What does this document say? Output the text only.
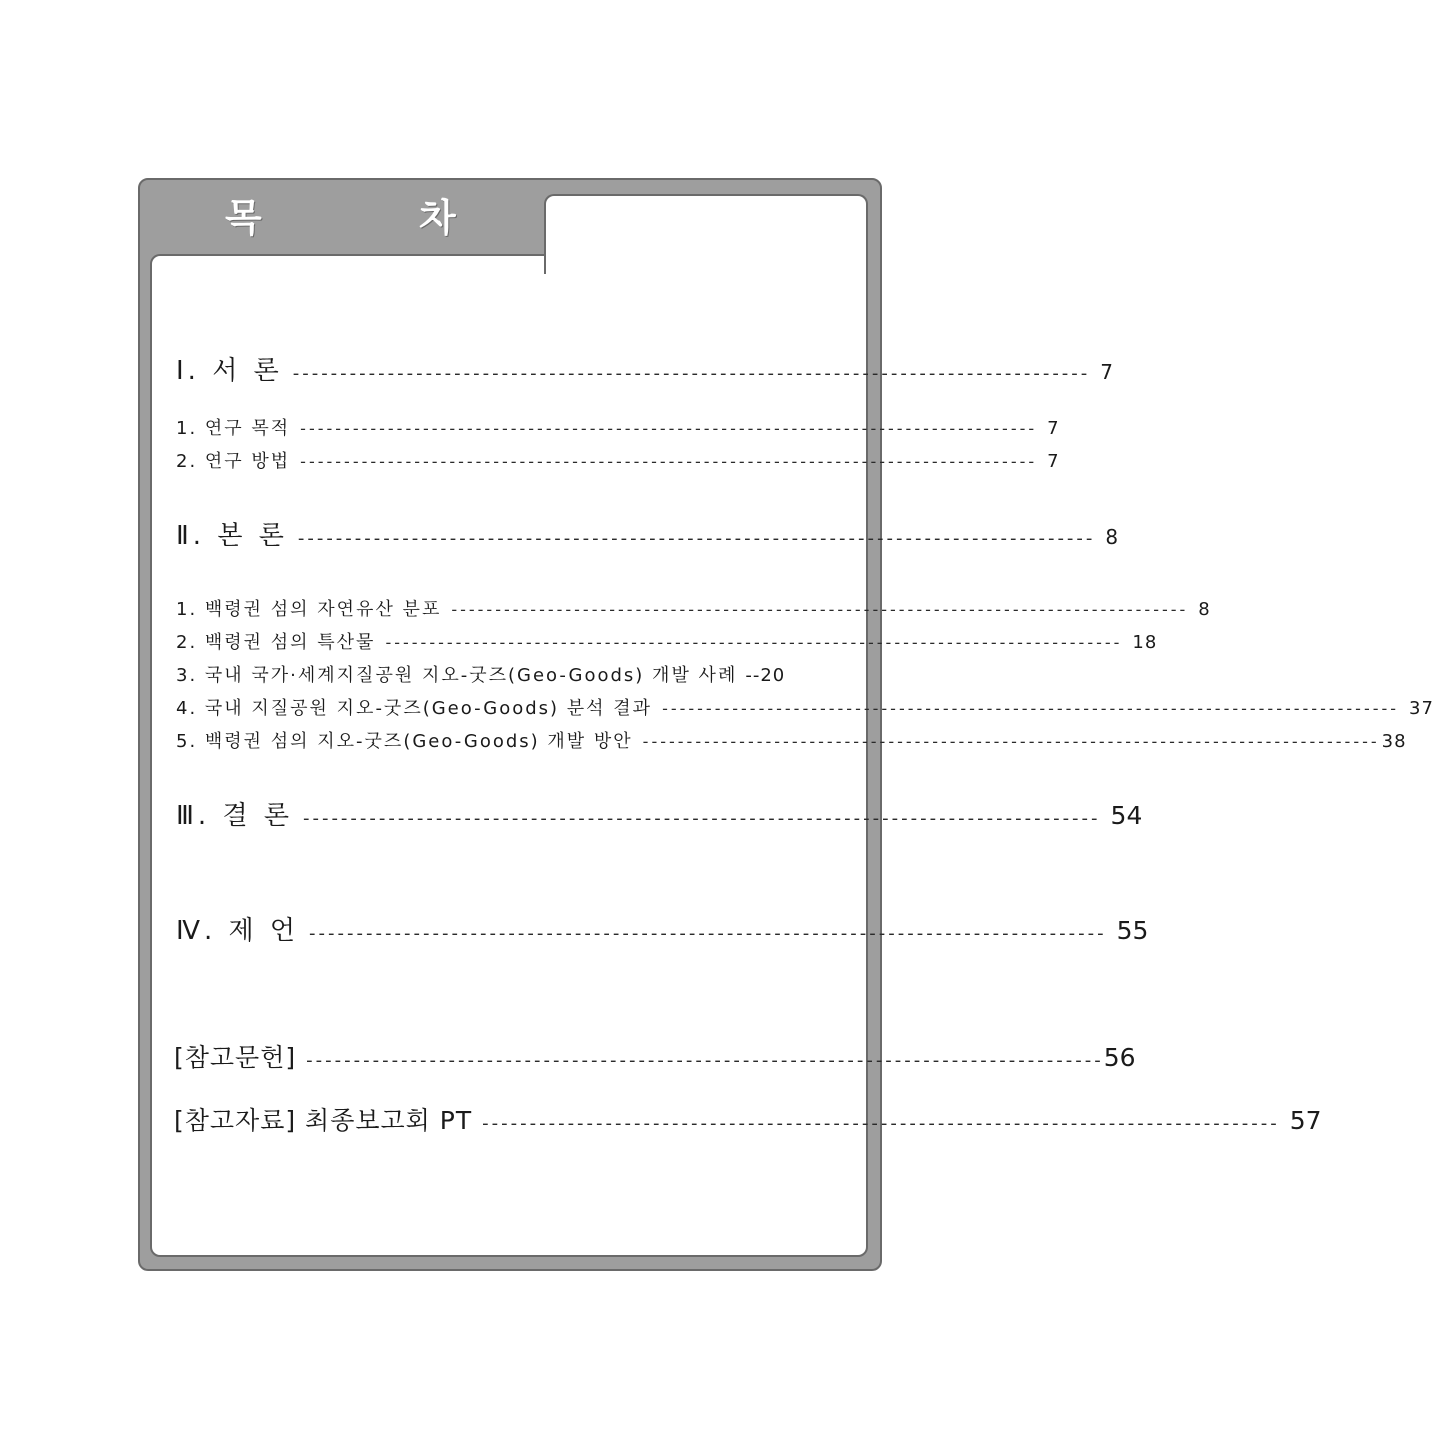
목 차
Ⅰ. 서 론 ------------------------------------------------------------------------------------ 7
1. 연구 목적 ------------------------------------------------------------------------------------ 7
2. 연구 방법 ------------------------------------------------------------------------------------ 7
Ⅱ. 본 론 ------------------------------------------------------------------------------------ 8
1. 백령권 섬의 자연유산 분포 ------------------------------------------------------------------------------------ 8
2. 백령권 섬의 특산물 ------------------------------------------------------------------------------------ 18
3. 국내 국가·세계지질공원 지오-굿즈(Geo-Goods) 개발 사례 --20
4. 국내 지질공원 지오-굿즈(Geo-Goods) 분석 결과 ------------------------------------------------------------------------------------ 37
5. 백령권 섬의 지오-굿즈(Geo-Goods) 개발 방안 ------------------------------------------------------------------------------------ 38
Ⅲ. 결 론 ------------------------------------------------------------------------------------ 54
Ⅳ. 제 언 ------------------------------------------------------------------------------------ 55
[참고문헌] ------------------------------------------------------------------------------------ 56
[참고자료] 최종보고회 PT ------------------------------------------------------------------------------------ 57
